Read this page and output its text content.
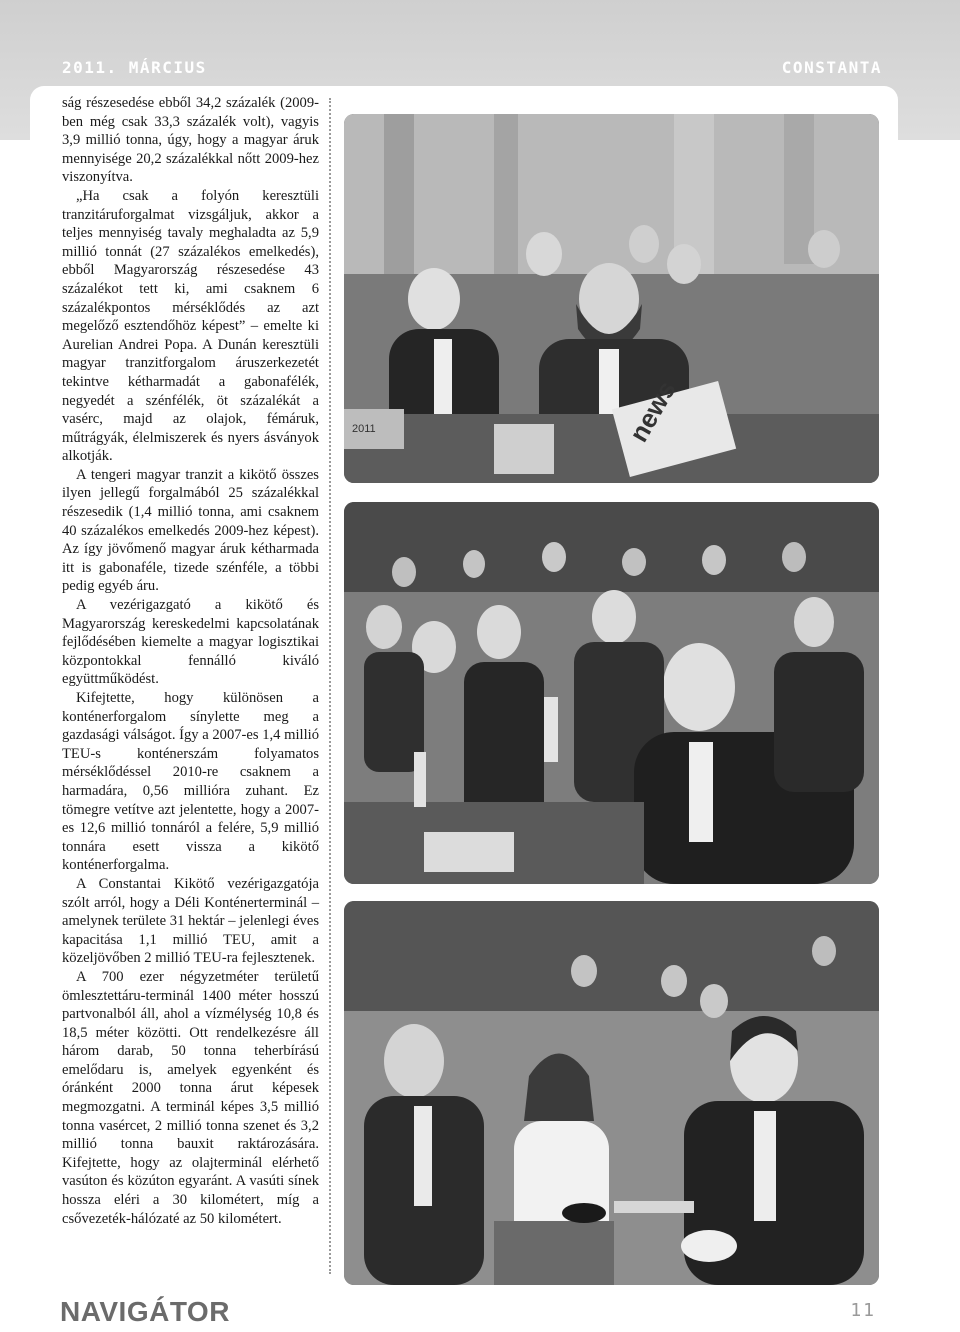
2011. MÁRCIUS	CONSTANTA

ság részesedése ebből 34,2 százalék (2009-ben még csak 33,3 százalék volt), vagyis 3,9 millió tonna, úgy, hogy a magyar áruk mennyisége 20,2 százalékkal nőtt 2009-hez viszonyítva.

„Ha csak a folyón keresztüli tranzitáruforgalmat vizsgáljuk, akkor a teljes mennyiség tavaly meghaladta az 5,9 millió tonnát (27 százalékos emelkedés), ebből Magyarország részesedése 43 százalékot tett ki, ami csaknem 6 százalékpontos mérséklődés az azt megelőző esztendőhöz képest” – emelte ki Aurelian Andrei Popa. A Dunán keresztüli magyar tranzitforgalom áruszerkezetét tekintve kétharmadát a gabonafélék, negyedét a szénfélék, öt százalékát a vasérc, majd az olajok, fémáruk, műtrágyák, élelmiszerek és nyers ásványok alkotják.

A tengeri magyar tranzit a kikötő összes ilyen jellegű forgalmából 25 százalékkal részesedik (1,4 millió tonna, ami csaknem 40 százalékos emelkedés 2009-hez képest). Az így jövőmenő magyar áruk kétharmada itt is gabonaféle, tizede szénféle, a többi pedig egyéb áru.

A vezérigazgató a kikötő és Magyarország kereskedelmi kapcsolatának fejlődésében kiemelte a magyar logisztikai központokkal fennálló kiváló együttműködést.

Kifejtette, hogy különösen a konténerforgalom sínylette meg a gazdasági válságot. Így a 2007-es 1,4 millió TEU-s konténerszám folyamatos mérséklődéssel 2010-re csaknem a harmadára, 0,56 millióra zuhant. Ez tömegre vetítve azt jelentette, hogy a 2007-es 12,6 millió tonnáról a felére, 5,9 millió tonnára esett vissza a kikötő konténerforgalma.

A Constantai Kikötő vezérigazgatója szólt arról, hogy a Déli Konténerterminál – amelynek területe 31 hektár – jelenlegi éves kapacitása 1,1 millió TEU, amit a közeljövőben 2 millió TEU-ra fejlesztenek.

A 700 ezer négyzetméter területű ömlesztettáru-terminál 1400 méter hosszú partvonalból áll, ahol a vízmélység 10,8 és 18,5 méter közötti. Ott rendelkezésre áll három darab, 50 tonna teherbírású emelődaru is, amelyek egyenként és óránként 2000 tonna árut képesek megmozgatni. A terminál képes 3,5 millió tonna vasércet, 2 millió tonna szenet és 3,2 millió tonna bauxit raktározására. Kifejtette, hogy az olajterminál elérhető vasúton és közúton egyaránt. A vasúti sínek hossza eléri a 30 kilométert, míg a csővezeték-hálózaté az 50 kilométert.

news
2011
NAVIGÁTOR	11
